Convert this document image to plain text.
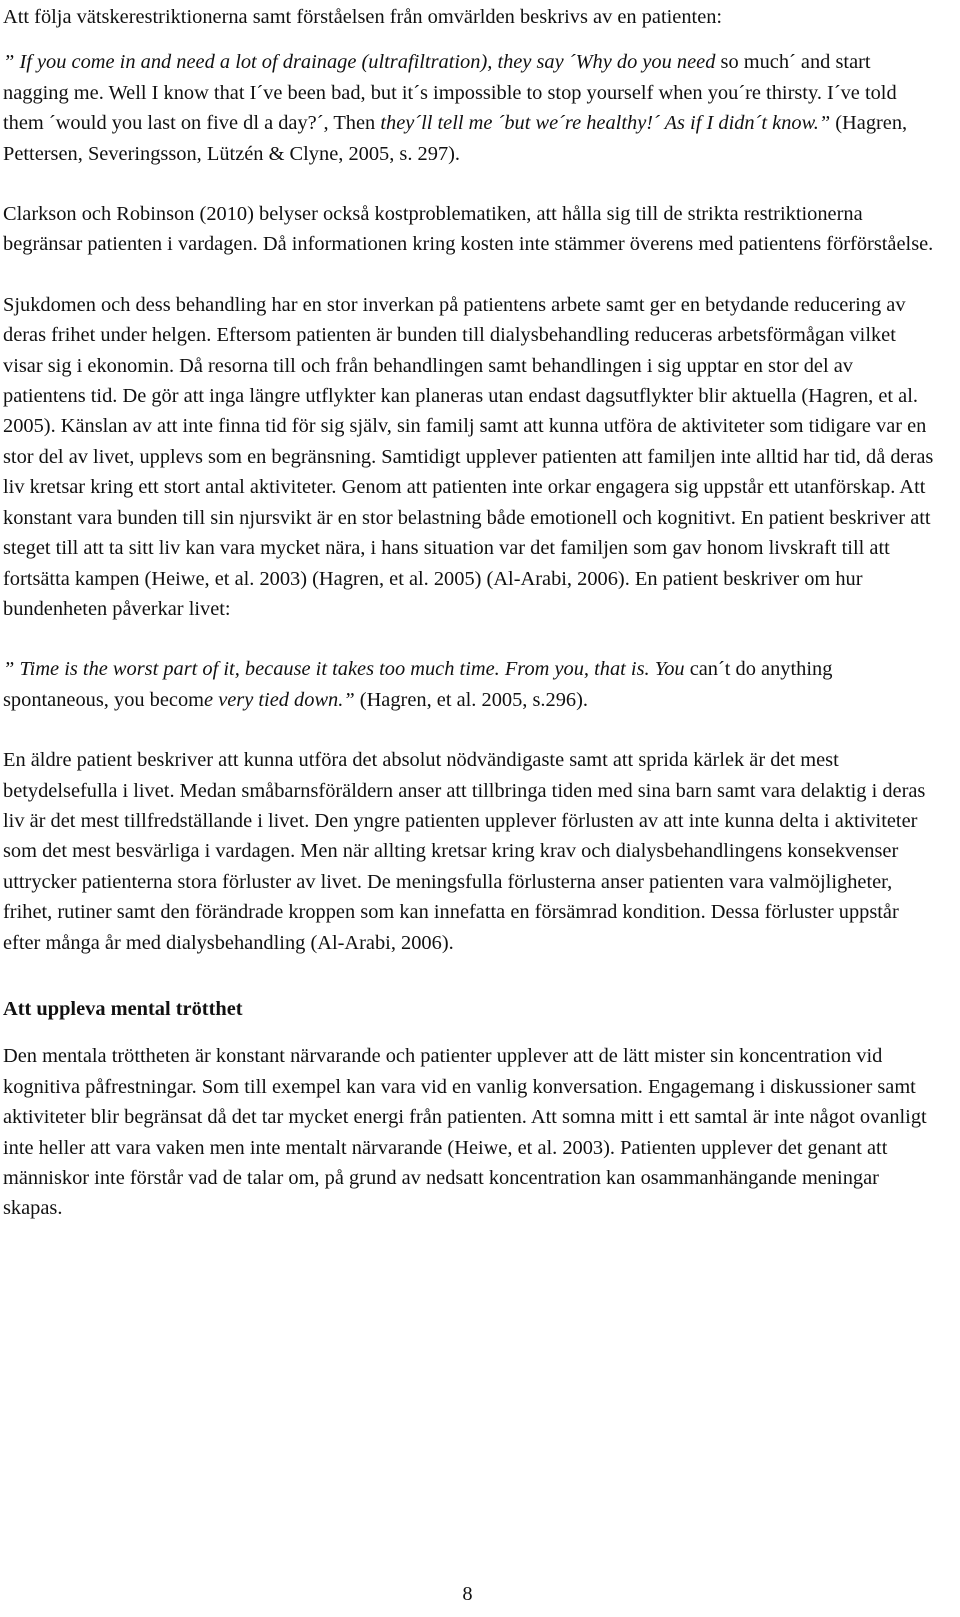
Att följa vätskerestriktionerna samt förståelsen från omvärlden beskrivs av en patienten:

” If you come in and need a lot of drainage (ultrafiltration), they say ´Why do you need so much´ and start nagging me. Well I know that I´ve been bad, but it´s impossible to stop yourself when you´re thirsty. I´ve told them ´would you last on five dl a day?´, Then they´ll tell me ´but we´re healthy!´ As if I didn´t know.” (Hagren, Pettersen, Severingsson, Lützén & Clyne, 2005, s. 297).

Clarkson och Robinson (2010) belyser också kostproblematiken, att hålla sig till de strikta restriktionerna begränsar patienten i vardagen. Då informationen kring kosten inte stämmer överens med patientens förförståelse.

Sjukdomen och dess behandling har en stor inverkan på patientens arbete samt ger en betydande reducering av deras frihet under helgen. Eftersom patienten är bunden till dialysbehandling reduceras arbetsförmågan vilket visar sig i ekonomin. Då resorna till och från behandlingen samt behandlingen i sig upptar en stor del av patientens tid. De gör att inga längre utflykter kan planeras utan endast dagsutflykter blir aktuella (Hagren, et al. 2005). Känslan av att inte finna tid för sig själv, sin familj samt att kunna utföra de aktiviteter som tidigare var en stor del av livet, upplevs som en begränsning. Samtidigt upplever patienten att familjen inte alltid har tid, då deras liv kretsar kring ett stort antal aktiviteter. Genom att patienten inte orkar engagera sig uppstår ett utanförskap. Att konstant vara bunden till sin njursvikt är en stor belastning både emotionell och kognitivt. En patient beskriver att steget till att ta sitt liv kan vara mycket nära, i hans situation var det familjen som gav honom livskraft till att fortsätta kampen (Heiwe, et al. 2003) (Hagren, et al. 2005) (Al-Arabi, 2006). En patient beskriver om hur bundenheten påverkar livet:

” Time is the worst part of it, because it takes too much time. From you, that is. You can´t do anything spontaneous, you become very tied down.” (Hagren, et al. 2005, s.296).

En äldre patient beskriver att kunna utföra det absolut nödvändigaste samt att sprida kärlek är det mest betydelsefulla i livet. Medan småbarnsföräldern anser att tillbringa tiden med sina barn samt vara delaktig i deras liv är det mest tillfredställande i livet. Den yngre patienten upplever förlusten av att inte kunna delta i aktiviteter som det mest besvärliga i vardagen. Men när allting kretsar kring krav och dialysbehandlingens konsekvenser uttrycker patienterna stora förluster av livet. De meningsfulla förlusterna anser patienten vara valmöjligheter, frihet, rutiner samt den förändrade kroppen som kan innefatta en försämrad kondition. Dessa förluster uppstår efter många år med dialysbehandling (Al-Arabi, 2006).

Att uppleva mental trötthet

Den mentala tröttheten är konstant närvarande och patienter upplever att de lätt mister sin koncentration vid kognitiva påfrestningar. Som till exempel kan vara vid en vanlig konversation. Engagemang i diskussioner samt aktiviteter blir begränsat då det tar mycket energi från patienten. Att somna mitt i ett samtal är inte något ovanligt inte heller att vara vaken men inte mentalt närvarande (Heiwe, et al. 2003). Patienten upplever det genant att människor inte förstår vad de talar om, på grund av nedsatt koncentration kan osammanhängande meningar skapas.

8
